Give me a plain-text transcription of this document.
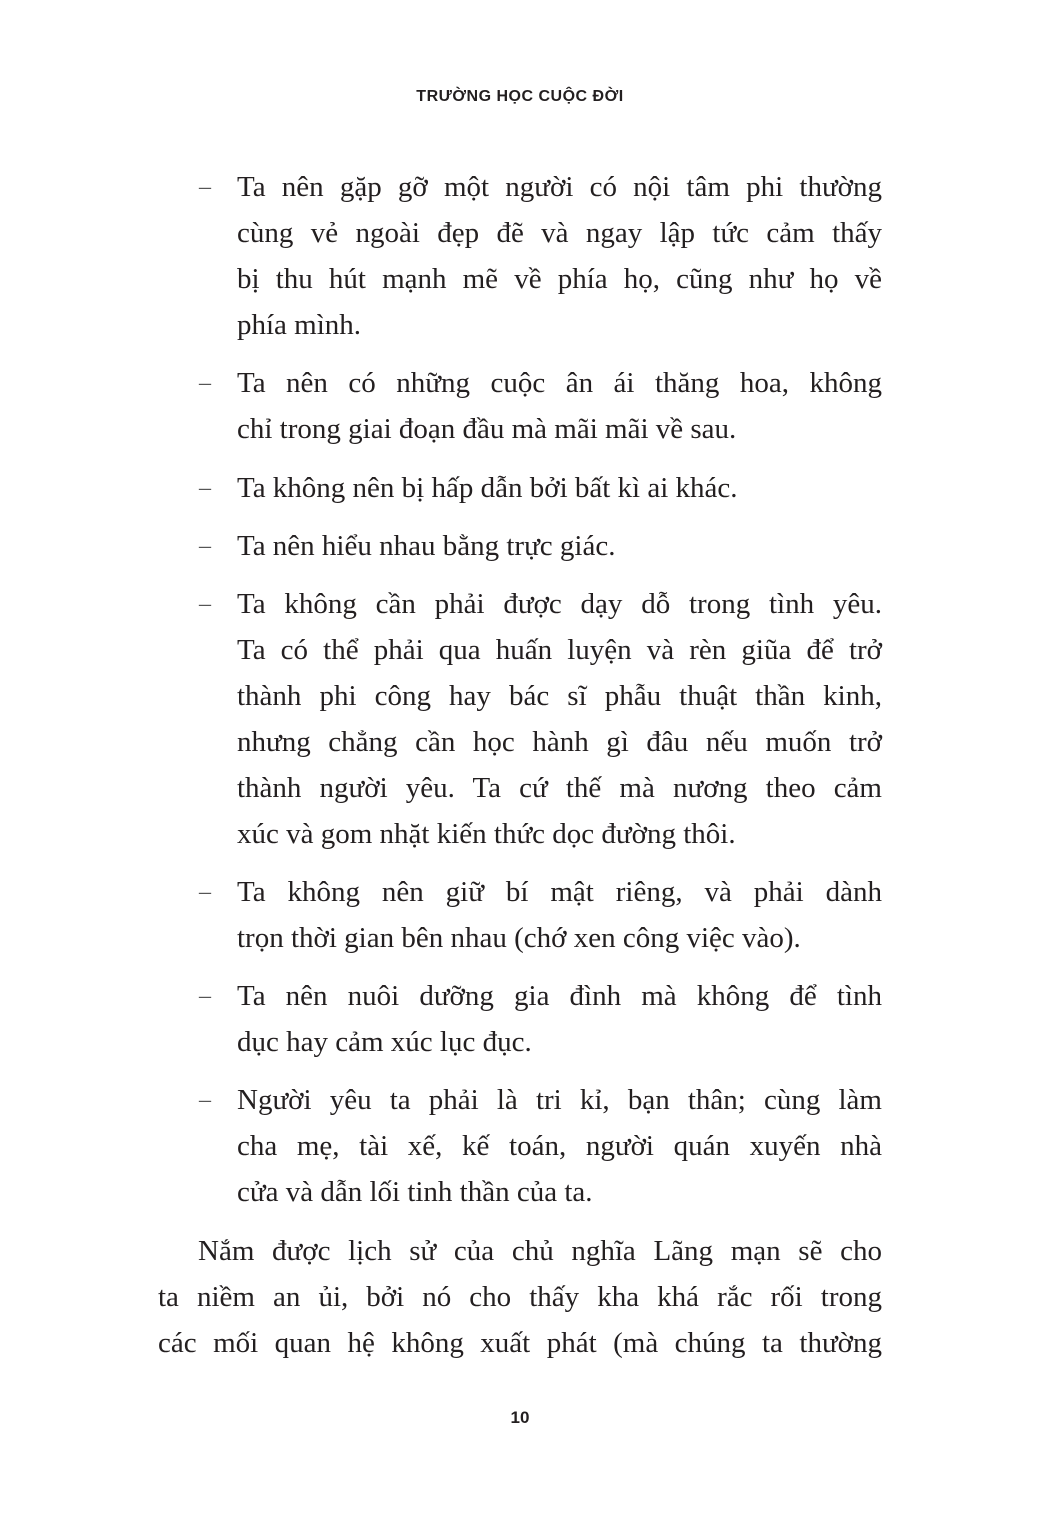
TRƯỜNG HỌC CUỘC ĐỜI
– Ta nên gặp gỡ một người có nội tâm phi thường
cùng vẻ ngoài đẹp đẽ và ngay lập tức cảm thấy
bị thu hút mạnh mẽ về phía họ, cũng như họ về
phía mình.
– Ta nên có những cuộc ân ái thăng hoa, không
chỉ trong giai đoạn đầu mà mãi mãi về sau.
– Ta không nên bị hấp dẫn bởi bất kì ai khác.
– Ta nên hiểu nhau bằng trực giác.
– Ta không cần phải được dạy dỗ trong tình yêu.
Ta có thể phải qua huấn luyện và rèn giũa để trở
thành phi công hay bác sĩ phẫu thuật thần kinh,
nhưng chẳng cần học hành gì đâu nếu muốn trở
thành người yêu. Ta cứ thế mà nương theo cảm
xúc và gom nhặt kiến thức dọc đường thôi.
– Ta không nên giữ bí mật riêng, và phải dành
trọn thời gian bên nhau (chớ xen công việc vào).
– Ta nên nuôi dưỡng gia đình mà không để tình
dục hay cảm xúc lục đục.
– Người yêu ta phải là tri kỉ, bạn thân; cùng làm
cha mẹ, tài xế, kế toán, người quán xuyến nhà
cửa và dẫn lối tinh thần của ta.
Nắm được lịch sử của chủ nghĩa Lãng mạn sẽ cho
ta niềm an ủi, bởi nó cho thấy kha khá rắc rối trong
các mối quan hệ không xuất phát (mà chúng ta thường
10
